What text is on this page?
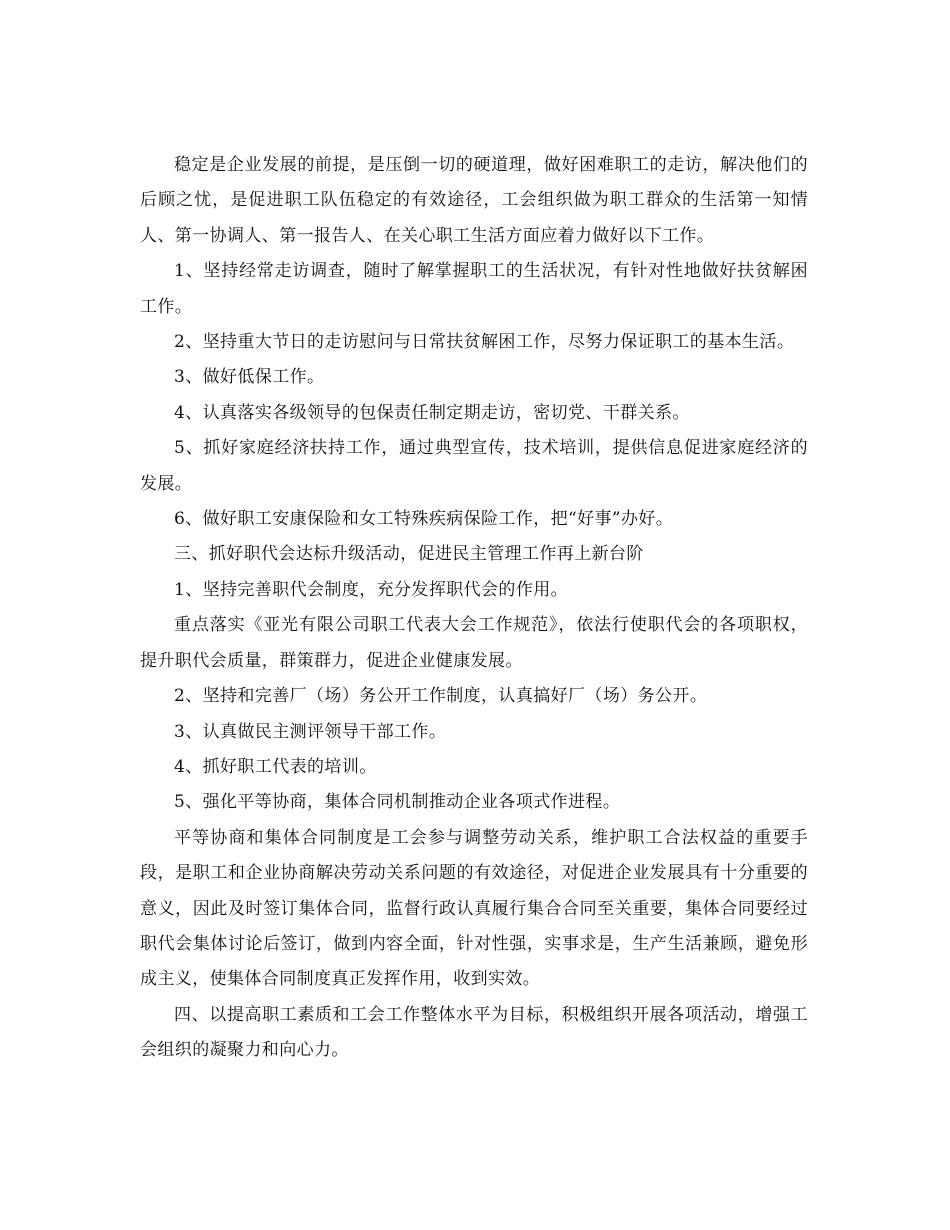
稳定是企业发展的前提，是压倒一切的硬道理，做好困难职工的走访，解决他们的后顾之忧，是促进职工队伍稳定的有效途径，工会组织做为职工群众的生活第一知情人、第一协调人、第一报告人、在关心职工生活方面应着力做好以下工作。

1、坚持经常走访调查，随时了解掌握职工的生活状况，有针对性地做好扶贫解困工作。

2、坚持重大节日的走访慰问与日常扶贫解困工作，尽努力保证职工的基本生活。

3、做好低保工作。

4、认真落实各级领导的包保责任制定期走访，密切党、干群关系。

5、抓好家庭经济扶持工作，通过典型宣传，技术培训，提供信息促进家庭经济的发展。

6、做好职工安康保险和女工特殊疾病保险工作，把“好事”办好。

三、抓好职代会达标升级活动，促进民主管理工作再上新台阶

1、坚持完善职代会制度，充分发挥职代会的作用。

重点落实《亚光有限公司职工代表大会工作规范》，依法行使职代会的各项职权，提升职代会质量，群策群力，促进企业健康发展。

2、坚持和完善厂（场）务公开工作制度，认真搞好厂（场）务公开。

3、认真做民主测评领导干部工作。

4、抓好职工代表的培训。

5、强化平等协商，集体合同机制推动企业各项式作进程。

平等协商和集体合同制度是工会参与调整劳动关系，维护职工合法权益的重要手段，是职工和企业协商解决劳动关系问题的有效途径，对促进企业发展具有十分重要的意义，因此及时签订集体合同，监督行政认真履行集合合同至关重要，集体合同要经过职代会集体讨论后签订，做到内容全面，针对性强，实事求是，生产生活兼顾，避免形成主义，使集体合同制度真正发挥作用，收到实效。

四、以提高职工素质和工会工作整体水平为目标，积极组织开展各项活动，增强工会组织的凝聚力和向心力。
